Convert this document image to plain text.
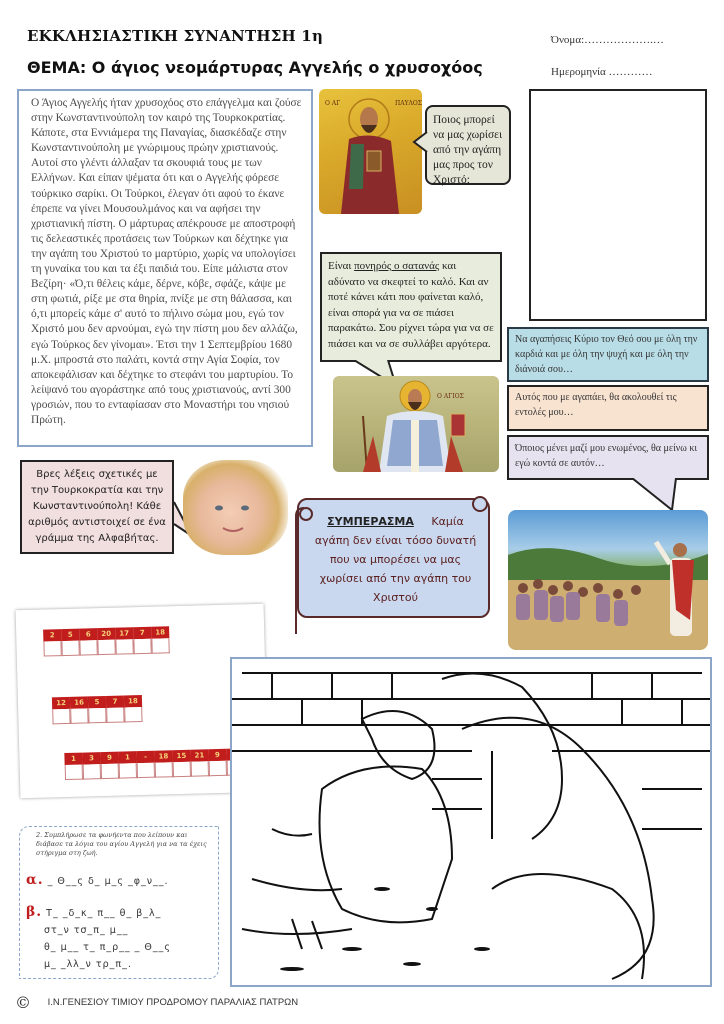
ΕΚΚΛΗΣΙΑΣΤΙΚΗ ΣΥΝΑΝΤΗΣΗ 1η
ΘΕΜΑ: Ο άγιος νεομάρτυρας Αγγελής ο χρυσοχόος
Όνομα:……………….…
Ημερομηνία …………
Ο Άγιος Αγγελής ήταν χρυσοχόος στο επάγγελμα και ζούσε στην Κωνσταντινούπολη τον καιρό της Τουρκοκρατίας. Κάποτε, στα Εννιάμερα της Παναγίας, διασκέδαζε στην Κωνσταντινούπολη με γνώριμους πρώην χριστιανούς. Αυτοί στο γλέντι άλλαξαν τα σκουφιά τους με των Ελλήνων. Και είπαν ψέματα ότι και ο Αγγελής φόρεσε τούρκικο σαρίκι. Οι Τούρκοι, έλεγαν ότι αφού το έκανε έπρεπε να γίνει Μουσουλμάνος και να αφήσει την χριστιανική πίστη. Ο μάρτυρας απέκρουσε με αποστροφή τις δελεαστικές προτάσεις των Τούρκων και δέχτηκε για την αγάπη του Χριστού το μαρτύριο, χωρίς να υπολογίσει τη γυναίκα του και τα έξι παιδιά του. Είπε μάλιστα στον Βεζίρη· «Ό,τι θέλεις κάμε, δέρνε, κόβε, σφάζε, κάψε με στη φωτιά, ρίξε με στα θηρία, πνίξε με στη θάλασσα, και ό,τι μπορείς κάμε σ' αυτό το πήλινο σώμα μου, εγώ τον Χριστό μου δεν αρνούμαι, εγώ την πίστη μου δεν αλλάζω, εγώ Τούρκος δεν γίνομαι». Έτσι την 1 Σεπτεμβρίου 1680 μ.Χ. μπροστά στο παλάτι, κοντά στην Αγία Σοφία, τον αποκεφάλισαν και δέχτηκε το στεφάνι του μαρτυρίου. Το λείψανό του αγοράστηκε από τους χριστιανούς, αντί 300 γροσιών, που το ενταφίασαν στο Μοναστήρι του νησιού Πρώτη.
Ο ΑΓ	ΠΑΥΛΟΣ
Ποιος μπορεί να μας χωρίσει από την αγάπη μας προς τον Χριστό;
Είναι πονηρός ο σατανάς και αδύνατο να σκεφτεί το καλό. Και αν ποτέ κάνει κάτι που φαίνεται καλό, είναι σπορά για να σε πιάσει παρακάτω. Σου ρίχνει τώρα για να σε πιάσει και να σε συλλάβει αργότερα.
Ο ΑΓΙΟΣ
Να αγαπήσεις Κύριο τον Θεό σου με όλη την καρδιά και με όλη την ψυχή και με όλη την διάνοιά σου…
Αυτός που με αγαπάει, θα ακολουθεί τις εντολές μου…
Όποιος μένει μαζί μου ενωμένος, θα μείνω κι εγώ κοντά σε αυτόν…
Βρες λέξεις σχετικές με την Τουρκοκρατία και την Κωνσταντινούπολη! Κάθε αριθμός αντιστοιχεί σε ένα γράμμα της Αλφαβήτας.
ΣΥΜΠΕΡΑΣΜΑ Καμία αγάπη δεν είναι τόσο δυνατή που να μπορέσει να μας χωρίσει από την αγάπη του Χριστού
2	5	6	20	17	7	18
12	16	5	7	18
1	3	9	1	-	18	15	21	9
2. Συμπλήρωσε τα φωνήεντα που λείπουν και διάβασε τα λόγια του αγίου Αγγελή για να τα έχεις στήριγμα στη ζωή.
α. _ Θ__ς δ_ μ_ς _φ_ν__.
β. Τ_ _δ_κ_ π__ θ_ β_λ_
στ_ν τσ_π_ μ__
θ_ μ__ τ_ π_ρ__ _ Θ__ς
μ_ _λλ_ν τρ_π_.
© Ι.Ν.ΓΕΝΕΣΙΟΥ ΤΙΜΙΟΥ ΠΡΟΔΡΟΜΟΥ ΠΑΡΑΛΙΑΣ ΠΑΤΡΩΝ
